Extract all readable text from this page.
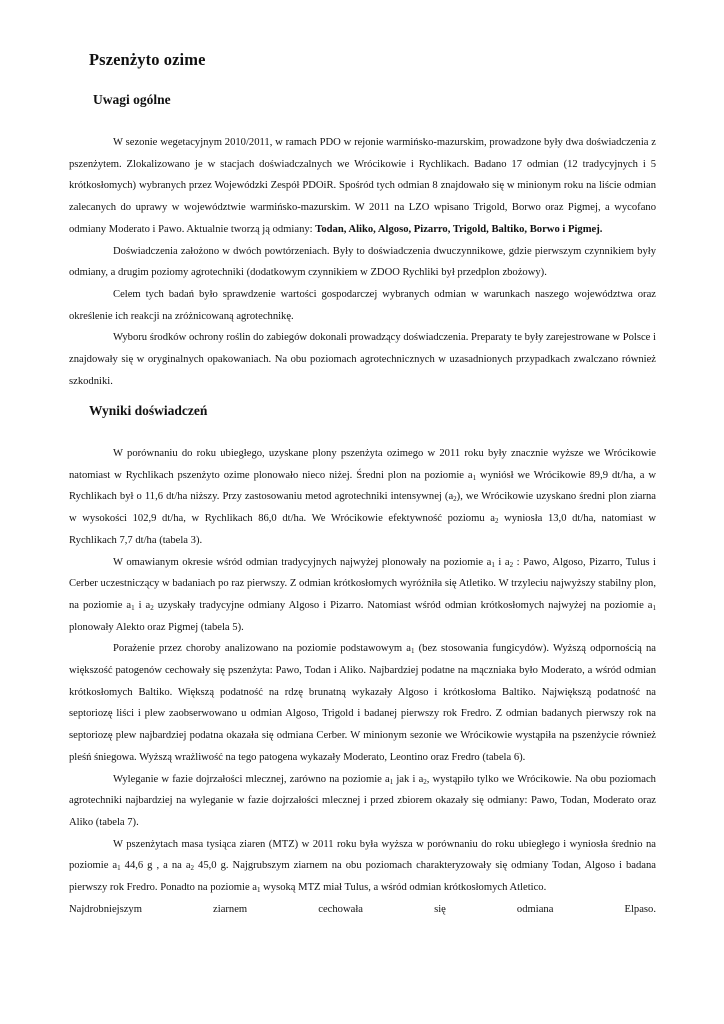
Pszenżyto ozime
Uwagi ogólne

W sezonie wegetacyjnym 2010/2011, w ramach PDO w rejonie warmińsko-mazurskim, prowadzone były dwa doświadczenia z pszenżytem. Zlokalizowano je w stacjach doświadczalnych we Wrócikowie i Rychlikach. Badano 17 odmian (12 tradycyjnych i 5 krótkosłomych) wybranych przez Wojewódzki Zespół PDOiR. Spośród tych odmian 8 znajdowało się w minionym roku na liście odmian zalecanych do uprawy w województwie warmińsko-mazurskim. W 2011 na LZO wpisano Trigold, Borwo oraz Pigmej, a wycofano odmiany Moderato i Pawo. Aktualnie tworzą ją odmiany: Todan, Aliko, Algoso, Pizarro, Trigold, Baltiko, Borwo i Pigmej.

Doświadczenia założono w dwóch powtórzeniach. Były to doświadczenia dwuczynnikowe, gdzie pierwszym czynnikiem były odmiany, a drugim poziomy agrotechniki (dodatkowym czynnikiem w ZDOO Rychliki był przedplon zbożowy).

Celem tych badań było sprawdzenie wartości gospodarczej wybranych odmian w warunkach naszego województwa oraz określenie ich reakcji na zróżnicowaną agrotechnikę.

Wyboru środków ochrony roślin do zabiegów dokonali prowadzący doświadczenia. Preparaty te były zarejestrowane w Polsce i znajdowały się w oryginalnych opakowaniach. Na obu poziomach agrotechnicznych w uzasadnionych przypadkach zwalczano również szkodniki.

Wyniki doświadczeń

W porównaniu do roku ubiegłego, uzyskane plony pszenżyta ozimego w 2011 roku były znacznie wyższe we Wrócikowie natomiast w Rychlikach pszenżyto ozime plonowało nieco niżej. Średni plon na poziomie $a_1$ wyniósł we Wrócikowie 89,9 dt/ha, a w Rychlikach był o 11,6 dt/ha niższy. Przy zastosowaniu metod agrotechniki intensywnej $(a_2)$, we Wrócikowie uzyskano średni plon ziarna w wysokości 102,9 dt/ha, w Rychlikach 86,0 dt/ha. We Wrócikowie efektywność poziomu $a_2$ wyniosła 13,0 dt/ha, natomiast w Rychlikach 7,7 dt/ha (tabela 3).

W omawianym okresie wśród odmian tradycyjnych najwyżej plonowały na poziomie $a_1$ i $a_2$ : Pawo, Algoso, Pizarro, Tulus i Cerber uczestniczący w badaniach po raz pierwszy. Z odmian krótkosłomych wyróżniła się Atletiko. W trzyleciu najwyższy stabilny plon, na poziomie $a_1$ i $a_2$ uzyskały tradycyjne odmiany Algoso i Pizarro. Natomiast wśród odmian krótkosłomych najwyżej na poziomie $a_1$ plonowały Alekto oraz Pigmej (tabela 5).

Porażenie przez choroby analizowano na poziomie podstawowym $a_1$ (bez stosowania fungicydów). Wyższą odpornością na większość patogenów cechowały się pszenżyta: Pawo, Todan i Aliko. Najbardziej podatne na mączniaka było Moderato, a wśród odmian krótkosłomych Baltiko. Większą podatność na rdzę brunatną wykazały Algoso i krótkosłoma Baltiko. Największą podatność na septoriozę liści i plew zaobserwowano u odmian Algoso, Trigold i badanej pierwszy rok Fredro. Z odmian badanych pierwszy rok na septoriozę plew najbardziej podatna okazała się odmiana Cerber. W minionym sezonie we Wrócikowie wystąpiła na pszenżycie również pleśń śniegowa. Wyższą wrażliwość na tego patogena wykazały Moderato, Leontino oraz Fredro (tabela 6).

Wyleganie w fazie dojrzałości mlecznej, zarówno na poziomie $a_1$ jak i $a_2$, wystąpiło tylko we Wrócikowie. Na obu poziomach agrotechniki najbardziej na wyleganie w fazie dojrzałości mlecznej i przed zbiorem okazały się odmiany: Pawo, Todan, Moderato oraz Aliko (tabela 7).

W pszenżytach masa tysiąca ziaren (MTZ) w 2011 roku była wyższa w porównaniu do roku ubiegłego i wyniosła średnio na poziomie $a_1$ 44,6 g , a na $a_2$ 45,0 g. Najgrubszym ziarnem na obu poziomach charakteryzowały się odmiany Todan, Algoso i badana pierwszy rok Fredro. Ponadto na poziomie $a_1$ wysoką MTZ miał Tulus, a wśród odmian krótkosłomych Atletico.

Najdrobniejszym ziarnem cechowała się odmiana Elpaso.
